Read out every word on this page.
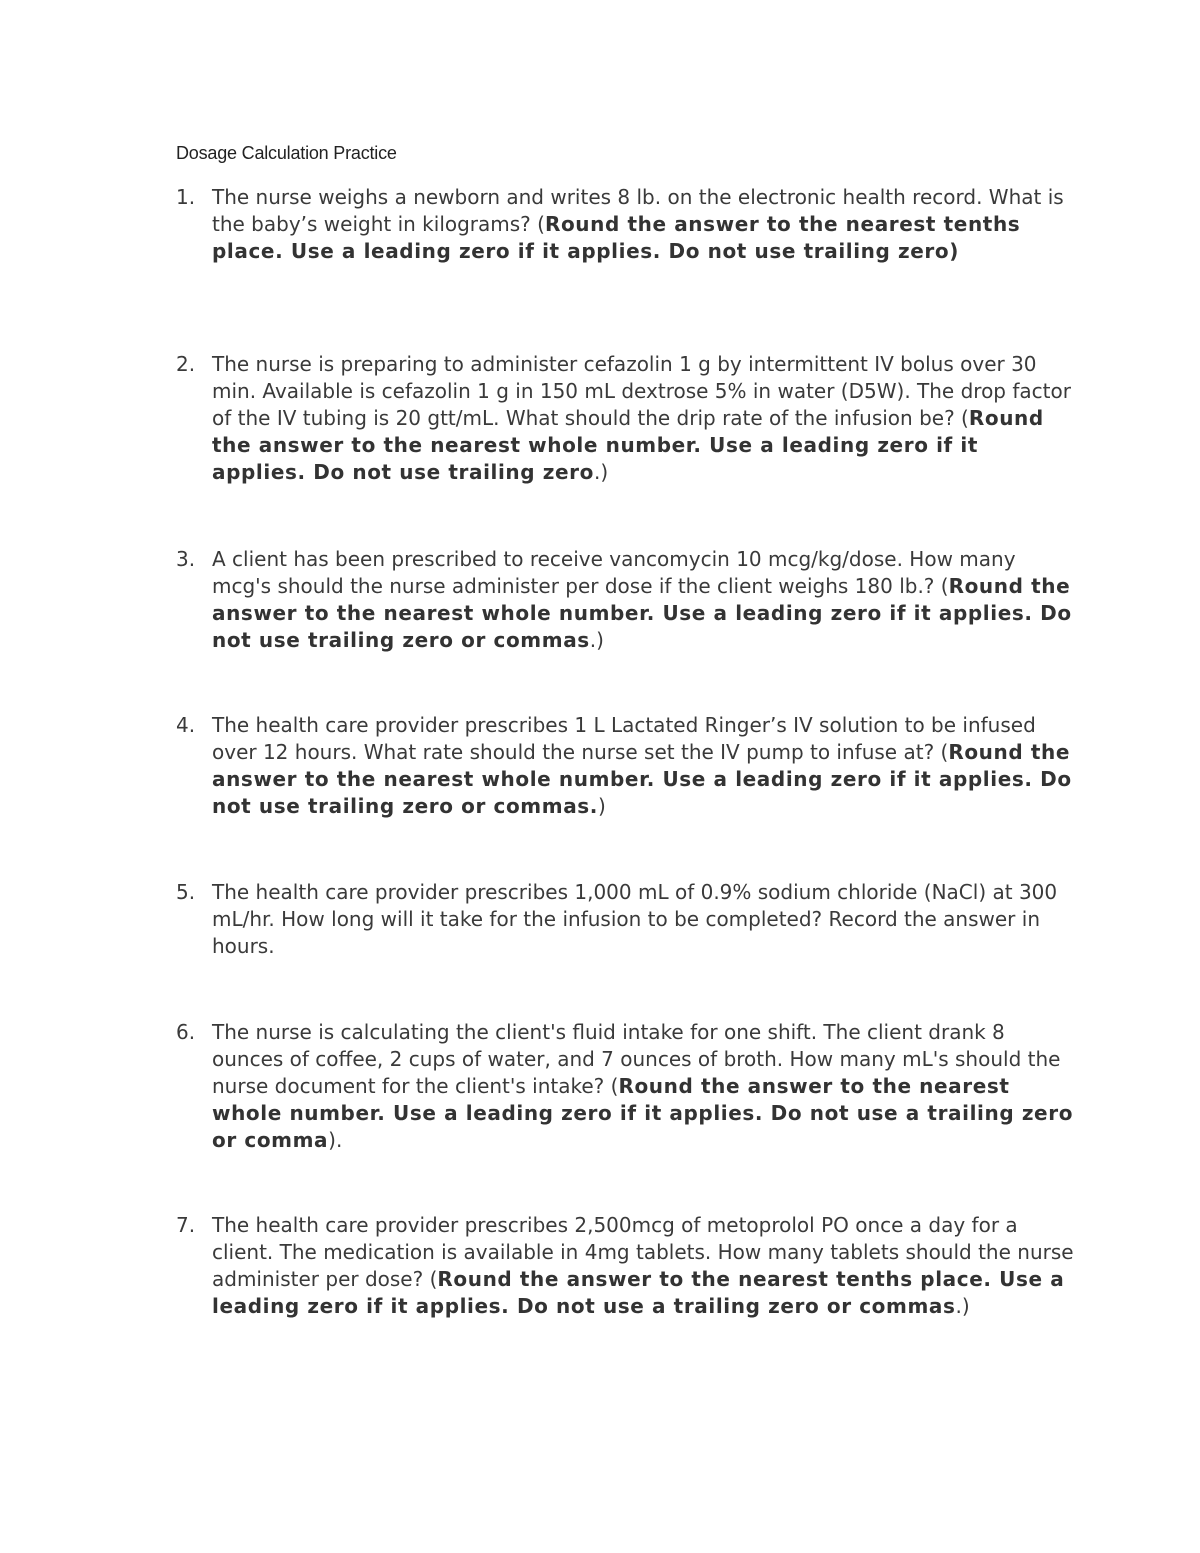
Dosage Calculation Practice
1. The nurse weighs a newborn and writes 8 lb. on the electronic health record. What is the baby’s weight in kilograms? (Round the answer to the nearest tenths place. Use a leading zero if it applies. Do not use trailing zero)
2. The nurse is preparing to administer cefazolin 1 g by intermittent IV bolus over 30 min. Available is cefazolin 1 g in 150 mL dextrose 5% in water (D5W). The drop factor of the IV tubing is 20 gtt/mL. What should the drip rate of the infusion be? (Round the answer to the nearest whole number. Use a leading zero if it applies. Do not use trailing zero.)
3. A client has been prescribed to receive vancomycin 10 mcg/kg/dose. How many mcg's should the nurse administer per dose if the client weighs 180 lb.? (Round the answer to the nearest whole number. Use a leading zero if it applies. Do not use trailing zero or commas.)
4. The health care provider prescribes 1 L Lactated Ringer’s IV solution to be infused over 12 hours. What rate should the nurse set the IV pump to infuse at? (Round the answer to the nearest whole number. Use a leading zero if it applies. Do not use trailing zero or commas.)
5. The health care provider prescribes 1,000 mL of 0.9% sodium chloride (NaCl) at 300 mL/hr. How long will it take for the infusion to be completed? Record the answer in hours.
6. The nurse is calculating the client's fluid intake for one shift. The client drank 8 ounces of coffee, 2 cups of water, and 7 ounces of broth. How many mL's should the nurse document for the client's intake? (Round the answer to the nearest whole number. Use a leading zero if it applies. Do not use a trailing zero or comma).
7. The health care provider prescribes 2,500mcg of metoprolol PO once a day for a client. The medication is available in 4mg tablets. How many tablets should the nurse administer per dose? (Round the answer to the nearest tenths place. Use a leading zero if it applies. Do not use a trailing zero or commas.)
